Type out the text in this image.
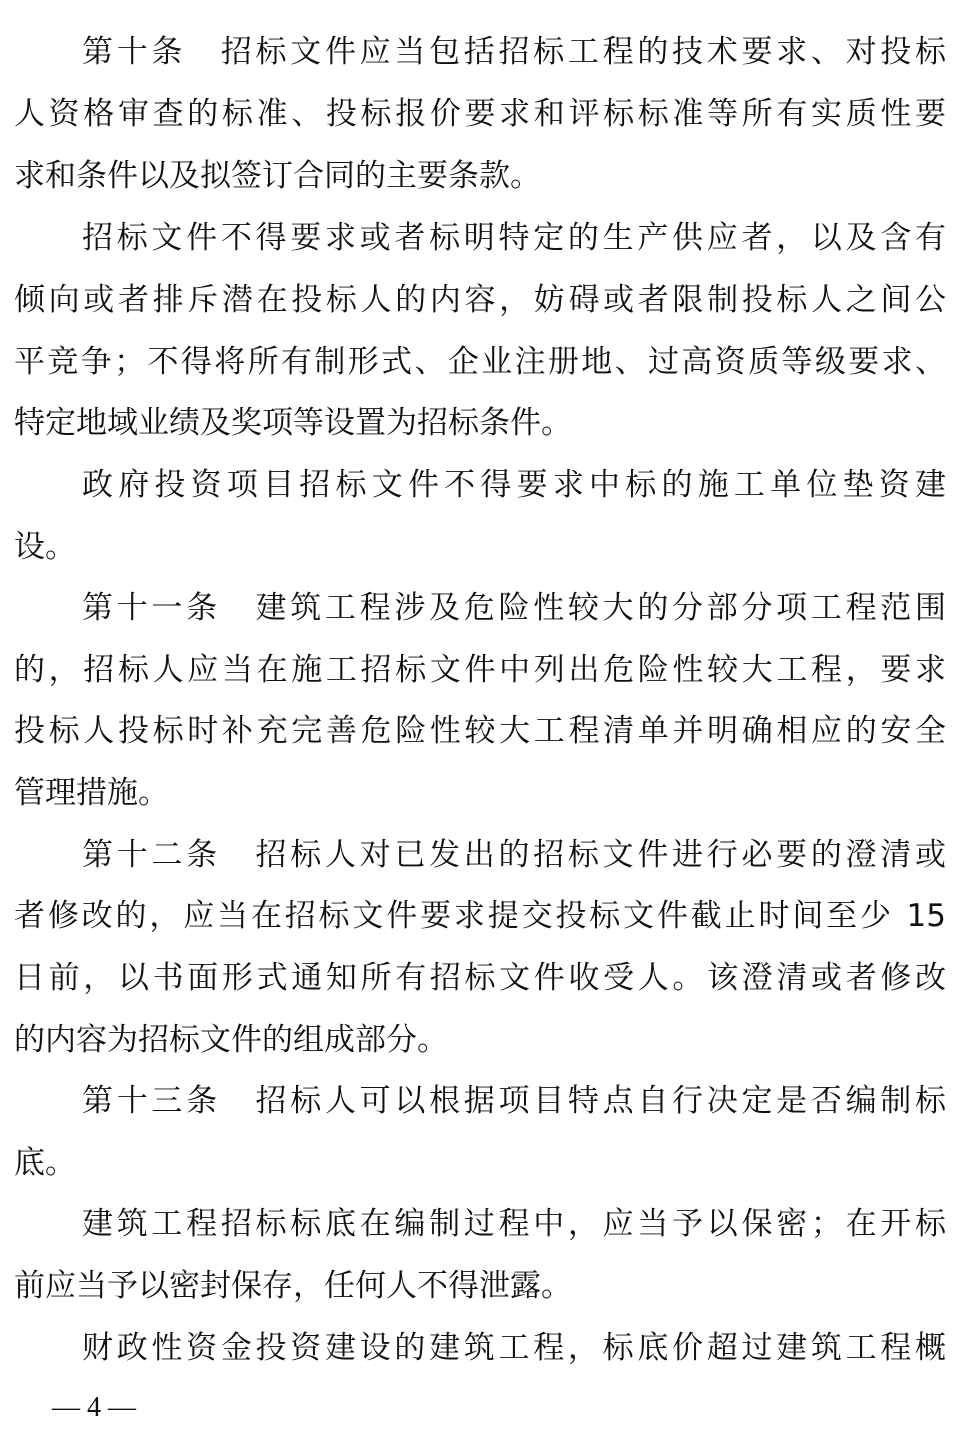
第十条　招标文件应当包括招标工程的技术要求、对投标
人资格审查的标准、投标报价要求和评标标准等所有实质性要
求和条件以及拟签订合同的主要条款。
招标文件不得要求或者标明特定的生产供应者，以及含有
倾向或者排斥潜在投标人的内容，妨碍或者限制投标人之间公
平竞争；不得将所有制形式、企业注册地、过高资质等级要求、
特定地域业绩及奖项等设置为招标条件。
政府投资项目招标文件不得要求中标的施工单位垫资建
设。
第十一条　建筑工程涉及危险性较大的分部分项工程范围
的，招标人应当在施工招标文件中列出危险性较大工程，要求
投标人投标时补充完善危险性较大工程清单并明确相应的安全
管理措施。
第十二条　招标人对已发出的招标文件进行必要的澄清或
者修改的，应当在招标文件要求提交投标文件截止时间至少 15
日前，以书面形式通知所有招标文件收受人。该澄清或者修改
的内容为招标文件的组成部分。
第十三条　招标人可以根据项目特点自行决定是否编制标
底。
建筑工程招标标底在编制过程中，应当予以保密；在开标
前应当予以密封保存，任何人不得泄露。
财政性资金投资建设的建筑工程，标底价超过建筑工程概
— 4 —
